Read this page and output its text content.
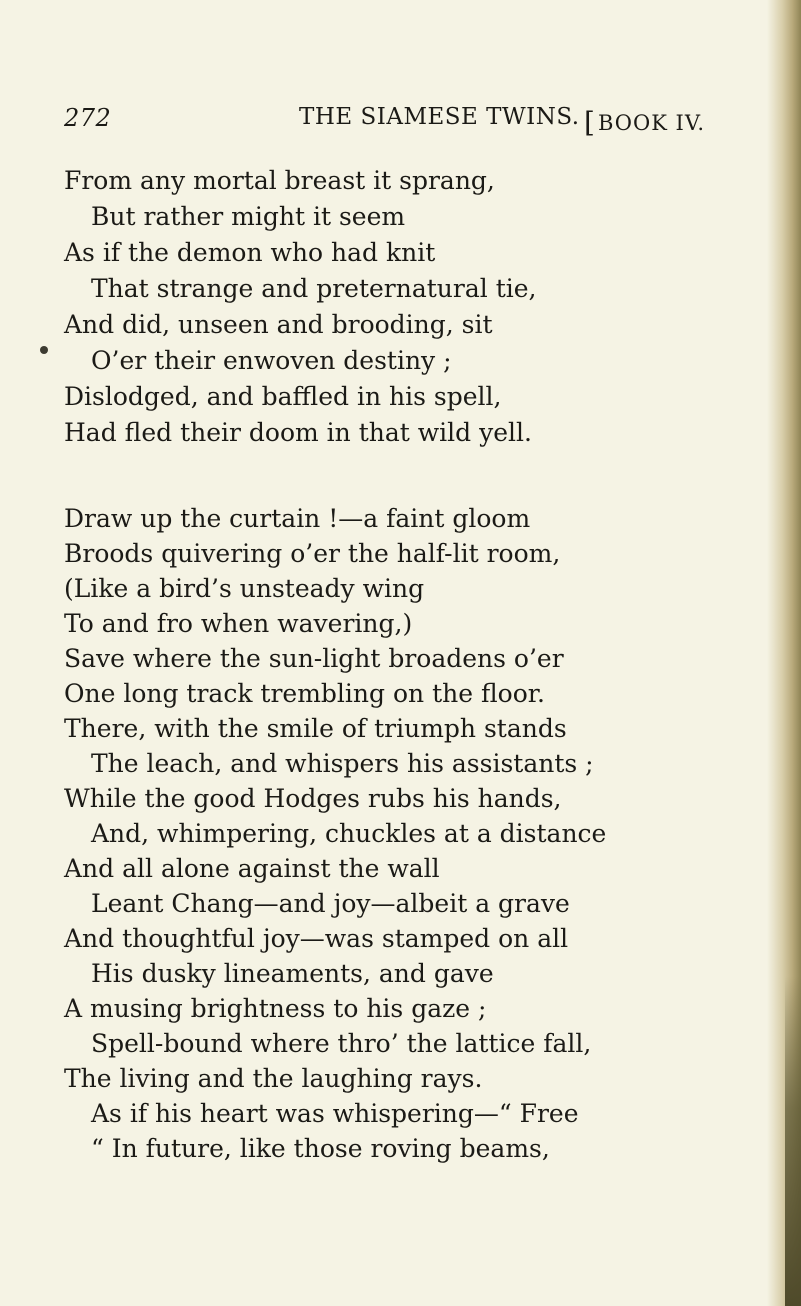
272	THE SIAMESE TWINS. [BOOK IV.
From any mortal breast it sprang,
But rather might it seem
As if the demon who had knit
That strange and preternatural tie,
And did, unseen and brooding, sit
O’er their enwoven destiny ;
Dislodged, and baffled in his spell,
Had fled their doom in that wild yell.
Draw up the curtain !—a faint gloom
Broods quivering o’er the half-lit room,
(Like a bird’s unsteady wing
To and fro when wavering,)
Save where the sun-light broadens o’er
One long track trembling on the floor.
There, with the smile of triumph stands
The leach, and whispers his assistants ;
While the good Hodges rubs his hands,
And, whimpering, chuckles at a distance
And all alone against the wall
Leant Chang—and joy—albeit a grave
And thoughtful joy—was stamped on all
His dusky lineaments, and gave
A musing brightness to his gaze ;
Spell-bound where thro’ the lattice fall,
The living and the laughing rays.
As if his heart was whispering—“ Free
“ In future, like those roving beams,
